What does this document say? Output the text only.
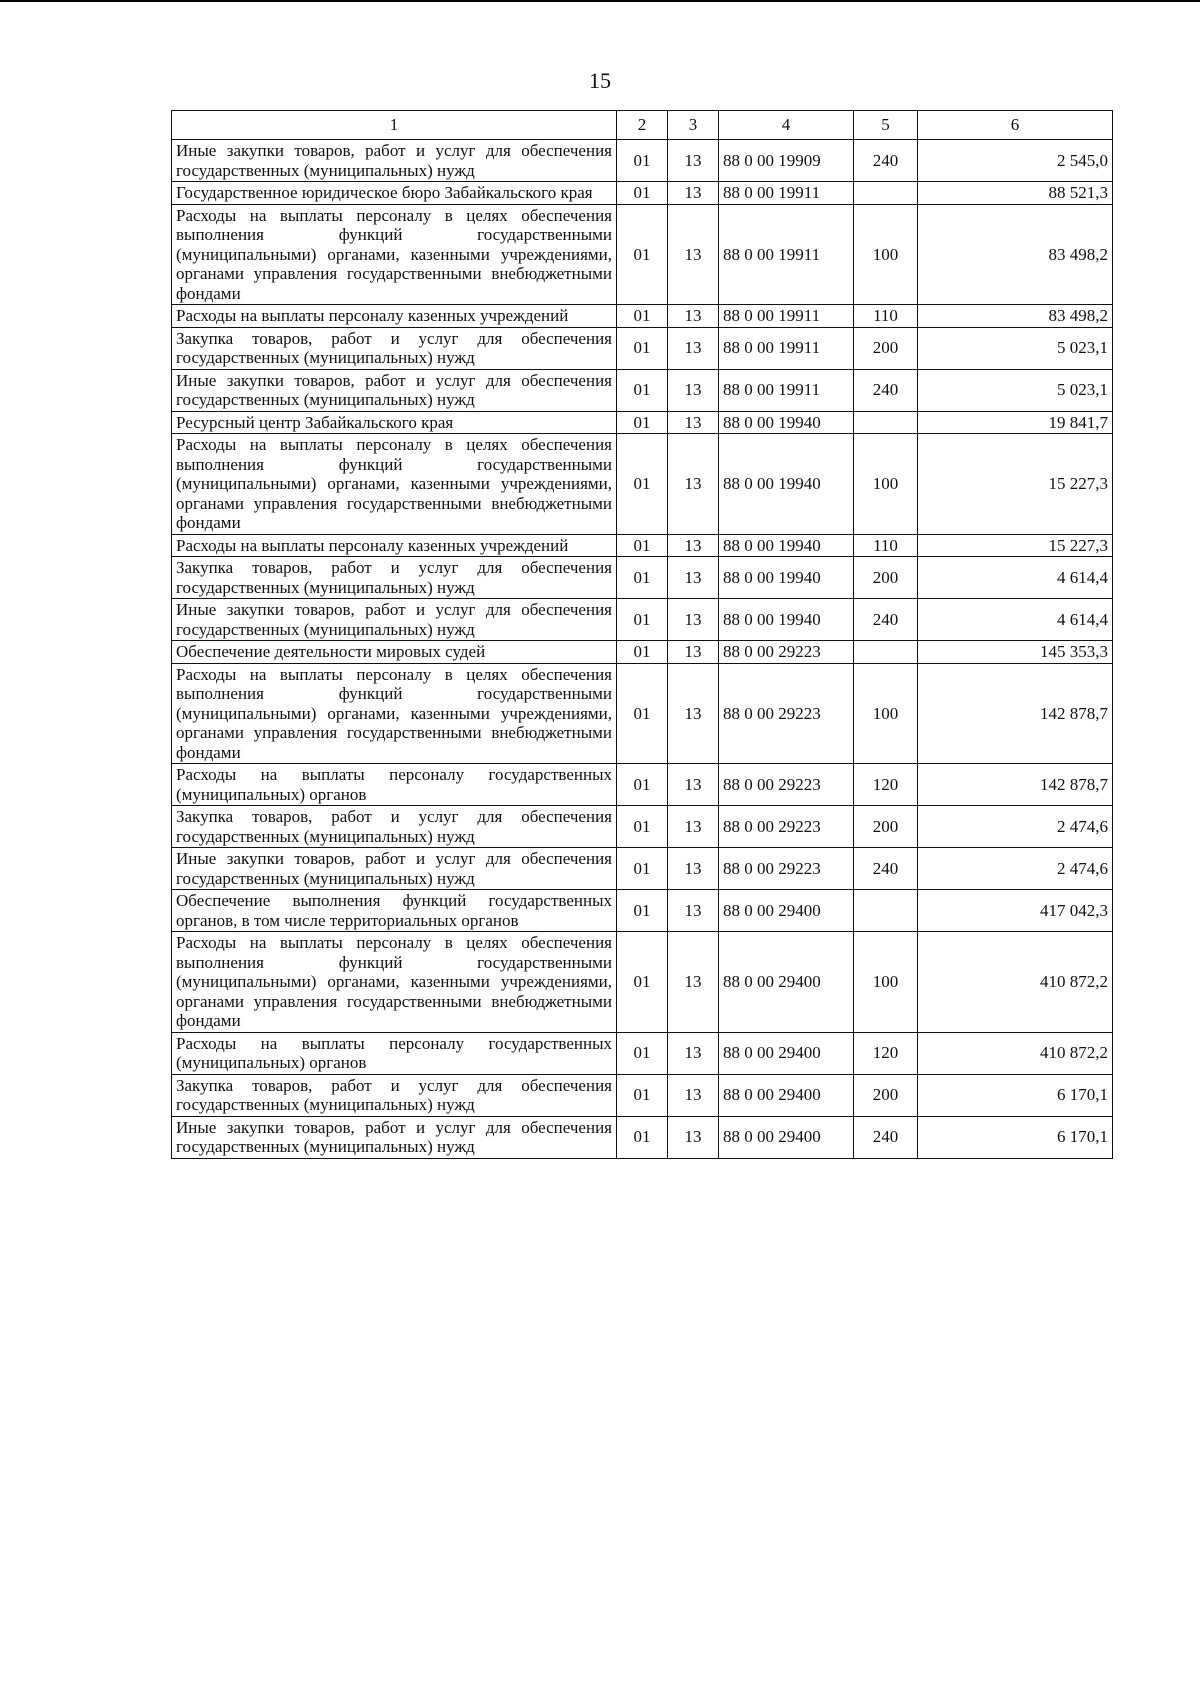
15
1	2	3	4	5	6
Иные закупки товаров, работ и услуг для обеспечения государственных (муниципальных) нужд	01	13	88 0 00 19909	240	2 545,0
Государственное юридическое бюро Забайкальского края	01	13	88 0 00 19911		88 521,3
Расходы на выплаты персоналу в целях обеспечения выполнения функций государственными (муниципальными) органами, казенными учреждениями, органами управления государственными внебюджетными фондами	01	13	88 0 00 19911	100	83 498,2
Расходы на выплаты персоналу казенных учреждений	01	13	88 0 00 19911	110	83 498,2
Закупка товаров, работ и услуг для обеспечения государственных (муниципальных) нужд	01	13	88 0 00 19911	200	5 023,1
Иные закупки товаров, работ и услуг для обеспечения государственных (муниципальных) нужд	01	13	88 0 00 19911	240	5 023,1
Ресурсный центр Забайкальского края	01	13	88 0 00 19940		19 841,7
Расходы на выплаты персоналу в целях обеспечения выполнения функций государственными (муниципальными) органами, казенными учреждениями, органами управления государственными внебюджетными фондами	01	13	88 0 00 19940	100	15 227,3
Расходы на выплаты персоналу казенных учреждений	01	13	88 0 00 19940	110	15 227,3
Закупка товаров, работ и услуг для обеспечения государственных (муниципальных) нужд	01	13	88 0 00 19940	200	4 614,4
Иные закупки товаров, работ и услуг для обеспечения государственных (муниципальных) нужд	01	13	88 0 00 19940	240	4 614,4
Обеспечение деятельности мировых судей	01	13	88 0 00 29223		145 353,3
Расходы на выплаты персоналу в целях обеспечения выполнения функций государственными (муниципальными) органами, казенными учреждениями, органами управления государственными внебюджетными фондами	01	13	88 0 00 29223	100	142 878,7
Расходы на выплаты персоналу государственных (муниципальных) органов	01	13	88 0 00 29223	120	142 878,7
Закупка товаров, работ и услуг для обеспечения государственных (муниципальных) нужд	01	13	88 0 00 29223	200	2 474,6
Иные закупки товаров, работ и услуг для обеспечения государственных (муниципальных) нужд	01	13	88 0 00 29223	240	2 474,6
Обеспечение выполнения функций государственных органов, в том числе территориальных органов	01	13	88 0 00 29400		417 042,3
Расходы на выплаты персоналу в целях обеспечения выполнения функций государственными (муниципальными) органами, казенными учреждениями, органами управления государственными внебюджетными фондами	01	13	88 0 00 29400	100	410 872,2
Расходы на выплаты персоналу государственных (муниципальных) органов	01	13	88 0 00 29400	120	410 872,2
Закупка товаров, работ и услуг для обеспечения государственных (муниципальных) нужд	01	13	88 0 00 29400	200	6 170,1
Иные закупки товаров, работ и услуг для обеспечения государственных (муниципальных) нужд	01	13	88 0 00 29400	240	6 170,1
